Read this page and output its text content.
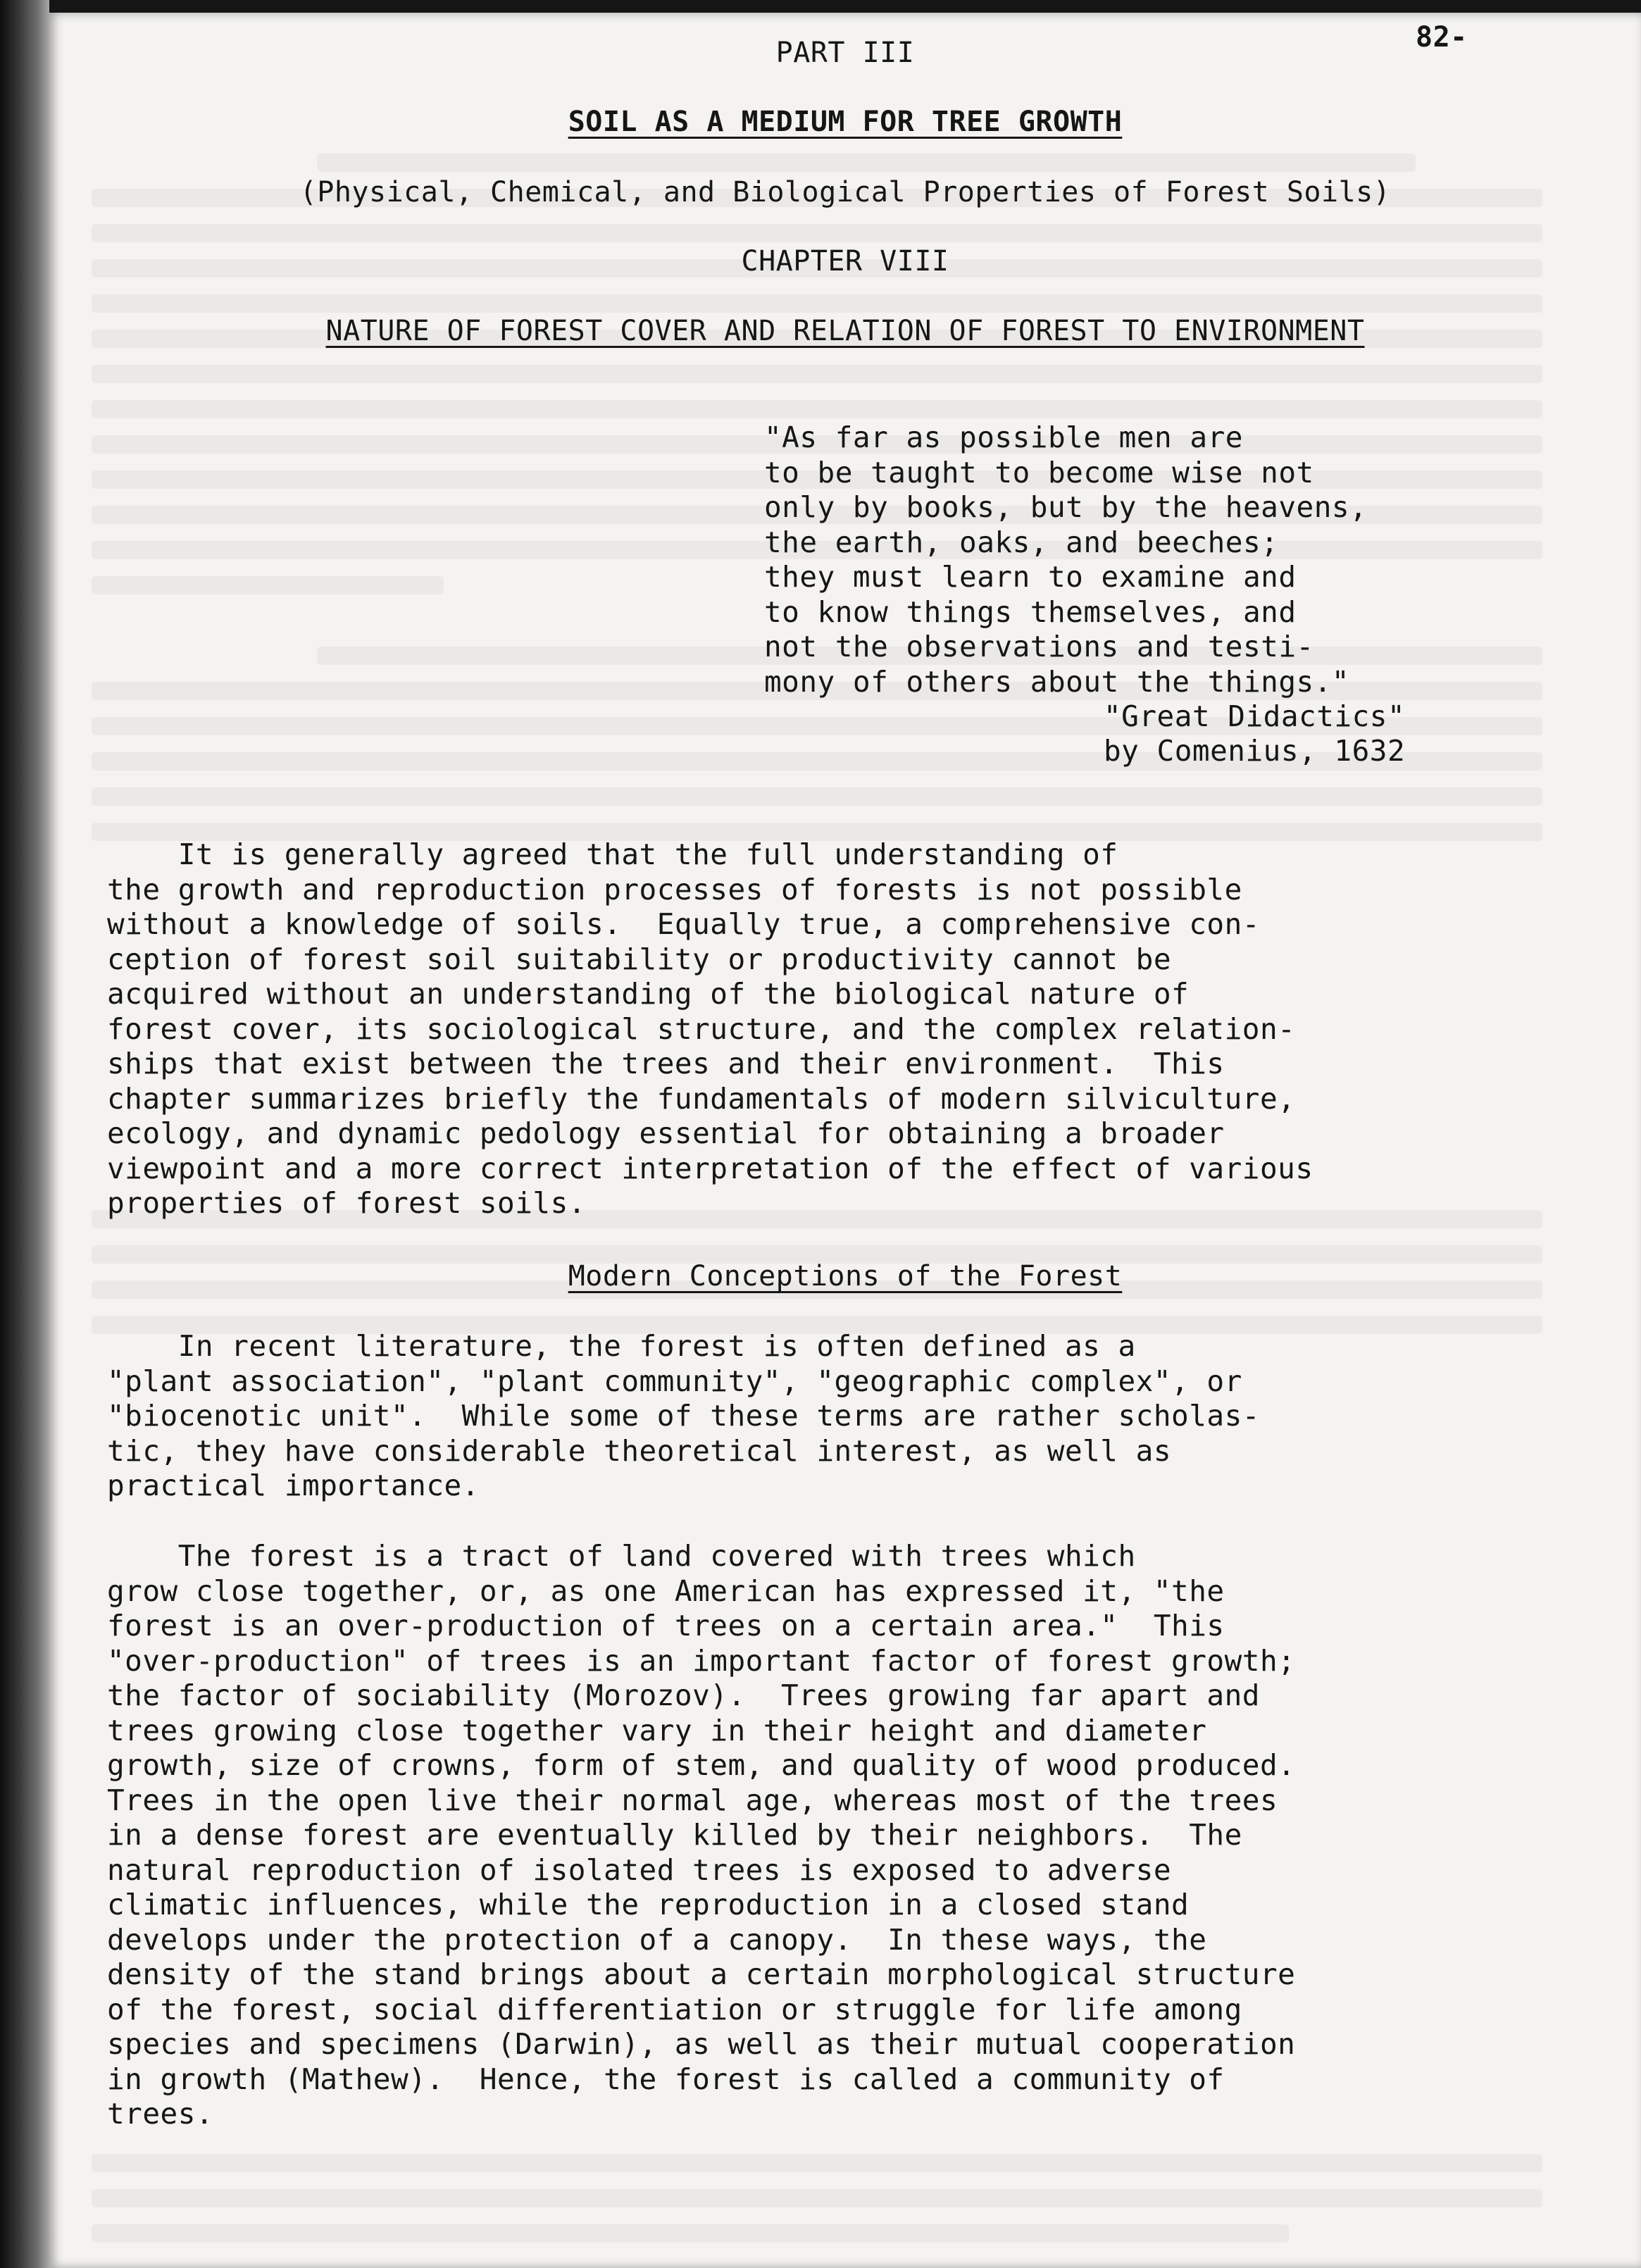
82-

PART III

SOIL AS A MEDIUM FOR TREE GROWTH

(Physical, Chemical, and Biological Properties of Forest Soils)

CHAPTER VIII

NATURE OF FOREST COVER AND RELATION OF FOREST TO ENVIRONMENT

"As far as possible men are
to be taught to become wise not
only by books, but by the heavens,
the earth, oaks, and beeches;
they must learn to examine and
to know things themselves, and
not the observations and testi-
mony of others about the things."

"Great Didactics"

by Comenius, 1632

It is generally agreed that the full understanding of
the growth and reproduction processes of forests is not possible
without a knowledge of soils.  Equally true, a comprehensive con-
ception of forest soil suitability or productivity cannot be
acquired without an understanding of the biological nature of
forest cover, its sociological structure, and the complex relation-
ships that exist between the trees and their environment.  This
chapter summarizes briefly the fundamentals of modern silviculture,
ecology, and dynamic pedology essential for obtaining a broader
viewpoint and a more correct interpretation of the effect of various
properties of forest soils.

Modern Conceptions of the Forest

In recent literature, the forest is often defined as a
"plant association", "plant community", "geographic complex", or
"biocenotic unit".  While some of these terms are rather scholas-
tic, they have considerable theoretical interest, as well as
practical importance.

The forest is a tract of land covered with trees which
grow close together, or, as one American has expressed it, "the
forest is an over-production of trees on a certain area."  This
"over-production" of trees is an important factor of forest growth;
the factor of sociability (Morozov).  Trees growing far apart and
trees growing close together vary in their height and diameter
growth, size of crowns, form of stem, and quality of wood produced.
Trees in the open live their normal age, whereas most of the trees
in a dense forest are eventually killed by their neighbors.  The
natural reproduction of isolated trees is exposed to adverse
climatic influences, while the reproduction in a closed stand
develops under the protection of a canopy.  In these ways, the
density of the stand brings about a certain morphological structure
of the forest, social differentiation or struggle for life among
species and specimens (Darwin), as well as their mutual cooperation
in growth (Mathew).  Hence, the forest is called a community of
trees.
